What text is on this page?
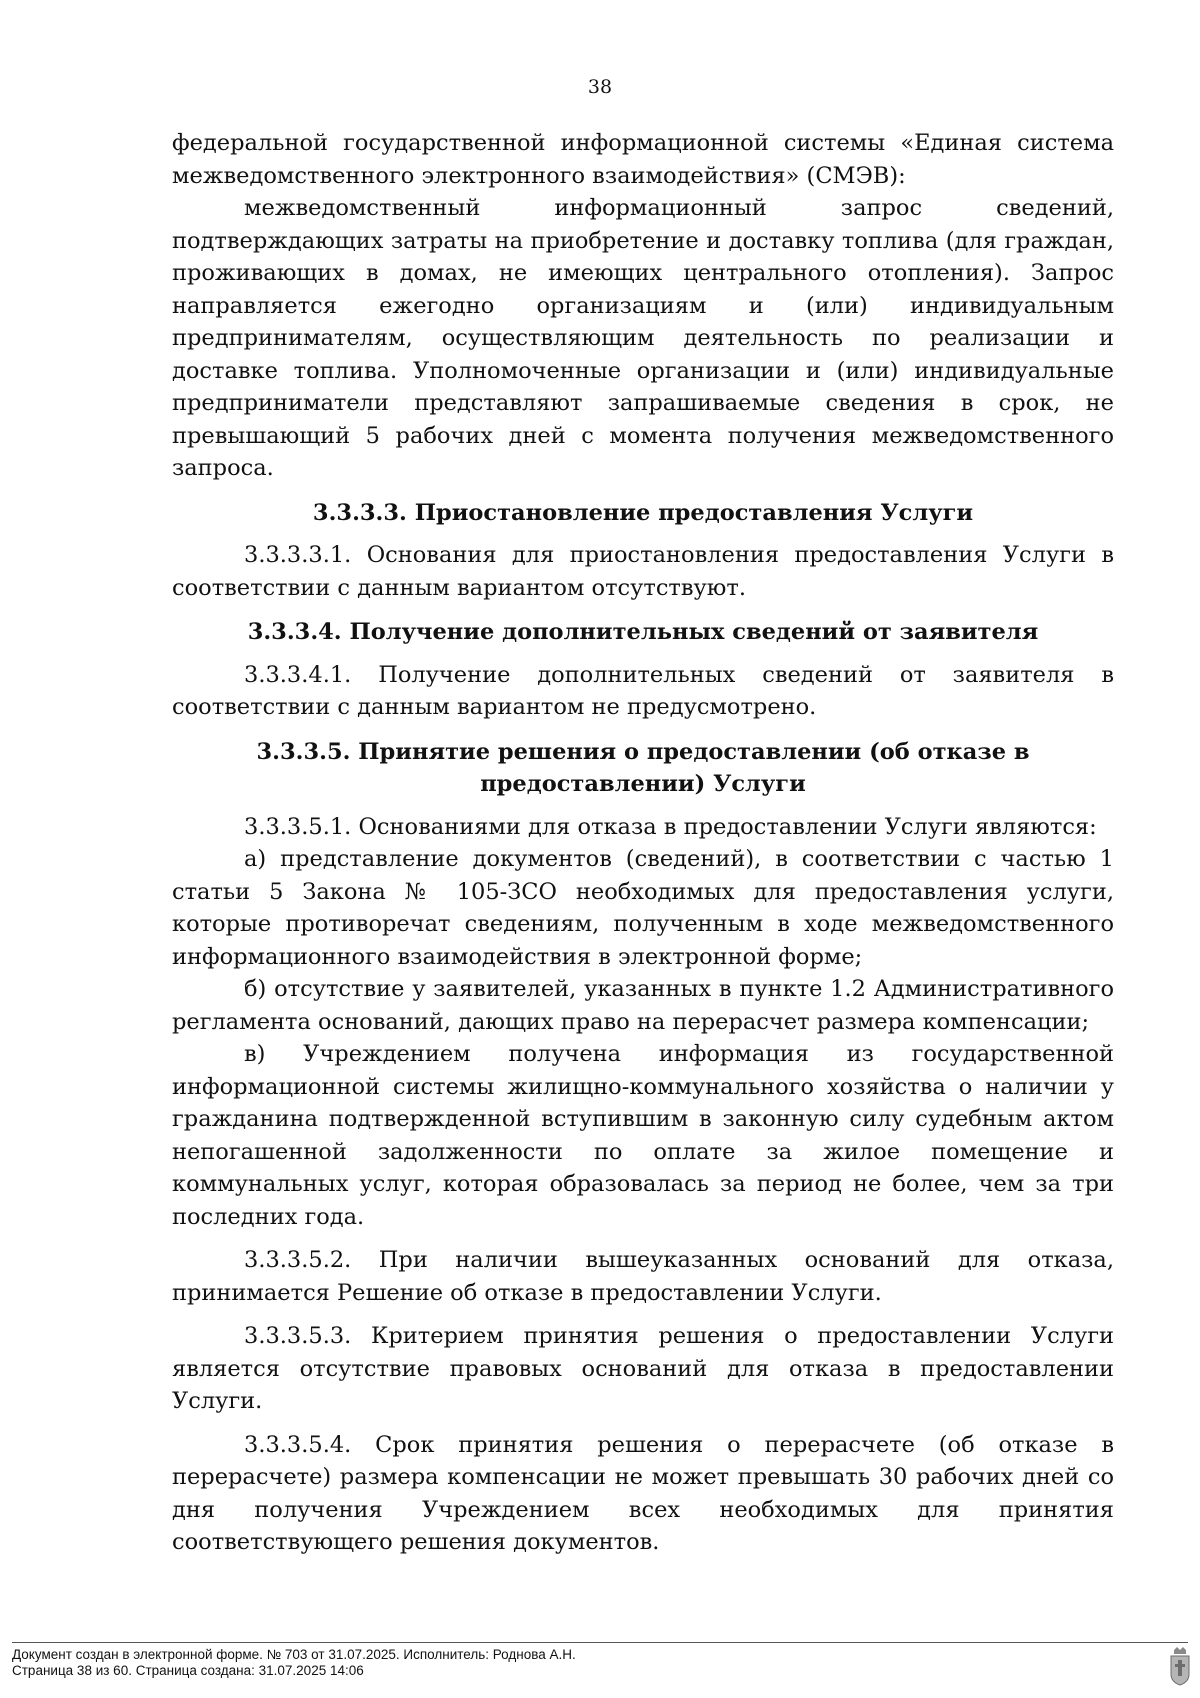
38

федеральной государственной информационной системы «Единая система межведомственного электронного взаимодействия» (СМЭВ):

межведомственный информационный запрос сведений, подтверждающих затраты на приобретение и доставку топлива (для граждан, проживающих в домах, не имеющих центрального отопления). Запрос направляется ежегодно организациям и (или) индивидуальным предпринимателям, осуществляющим деятельность по реализации и доставке топлива. Уполномоченные организации и (или) индивидуальные предприниматели представляют запрашиваемые сведения в срок, не превышающий 5 рабочих дней с момента получения межведомственного запроса.

3.3.3.3. Приостановление предоставления Услуги

3.3.3.3.1. Основания для приостановления предоставления Услуги в соответствии с данным вариантом отсутствуют.

3.3.3.4. Получение дополнительных сведений от заявителя

3.3.3.4.1. Получение дополнительных сведений от заявителя в соответствии с данным вариантом не предусмотрено.

3.3.3.5. Принятие решения о предоставлении (об отказе в
предоставлении) Услуги

3.3.3.5.1. Основаниями для отказа в предоставлении Услуги являются:

а) представление документов (сведений), в соответствии с частью 1 статьи 5 Закона № 105-ЗСО необходимых для предоставления услуги, которые противоречат сведениям, полученным в ходе межведомственного информационного взаимодействия в электронной форме;

б) отсутствие у заявителей, указанных в пункте 1.2 Административного регламента оснований, дающих право на перерасчет размера компенсации;

в) Учреждением получена информация из государственной информационной системы жилищно-коммунального хозяйства о наличии у гражданина подтвержденной вступившим в законную силу судебным актом непогашенной задолженности по оплате за жилое помещение и коммунальных услуг, которая образовалась за период не более, чем за три последних года.

3.3.3.5.2. При наличии вышеуказанных оснований для отказа, принимается Решение об отказе в предоставлении Услуги.

3.3.3.5.3. Критерием принятия решения о предоставлении Услуги является отсутствие правовых оснований для отказа в предоставлении Услуги.

3.3.3.5.4. Срок принятия решения о перерасчете (об отказе в перерасчете) размера компенсации не может превышать 30 рабочих дней со дня получения Учреждением всех необходимых для принятия соответствующего решения документов.

Документ создан в электронной форме. № 703 от 31.07.2025. Исполнитель: Роднова А.Н.
Страница 38 из 60. Страница создана: 31.07.2025 14:06
